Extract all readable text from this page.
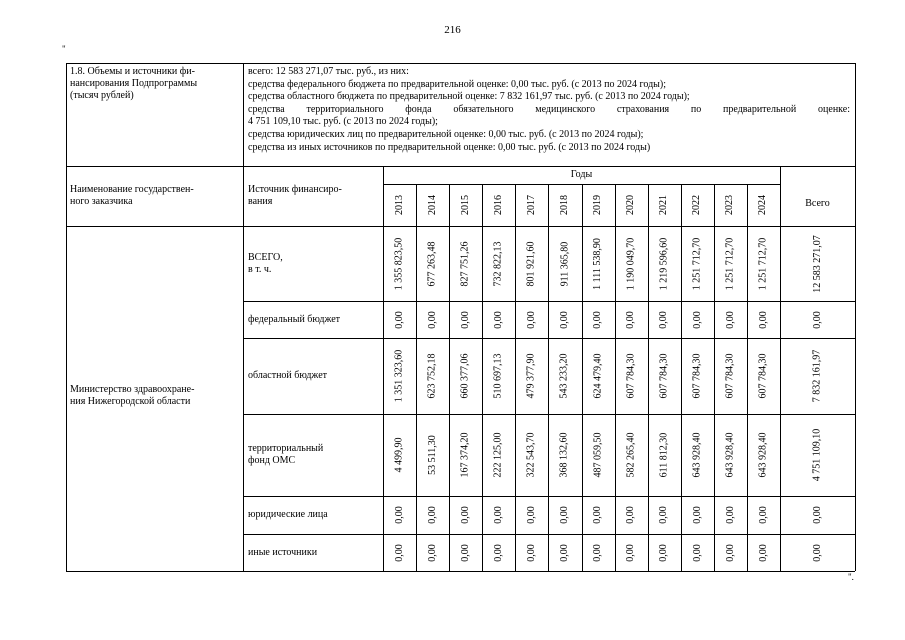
216
"
".
1.8. Объемы и источники фи-
нансирования Подпрограммы
(тысяч рублей)
всего: 12 583 271,07 тыс. руб., из них:
средства федерального бюджета по предварительной оценке: 0,00 тыс. руб. (с 2013 по 2024 годы);
средства областного бюджета по предварительной оценке: 7 832 161,97 тыс. руб. (с 2013 по 2024 годы);
средства территориального фонда обязательного медицинского страхования по предварительной оценке:
4 751 109,10 тыс. руб. (с 2013 по 2024 годы);
средства юридических лиц по предварительной оценке: 0,00 тыс. руб. (с 2013 по 2024 годы);
средства из иных источников по предварительной оценке: 0,00 тыс. руб. (с 2013 по 2024 годы)
Наименование государствен-
ного заказчика
Источник финансиро-
вания
Годы
2013 2014 2015 2016 2017 2018 2019 2020 2021 2022 2023 2024	Всего
Министерство здравоохране-
ния Нижегородской области
ВСЕГО,
в т. ч.	1 355 823,50 677 263,48 827 751,26 732 822,13 801 921,60 911 365,80 1 111 538,90 1 190 049,70 1 219 596,60 1 251 712,70 1 251 712,70 1 251 712,70	12 583 271,07
федеральный бюджет	0,00 0,00 0,00 0,00 0,00 0,00 0,00 0,00 0,00 0,00 0,00 0,00	0,00
областной бюджет	1 351 323,60 623 752,18 660 377,06 510 697,13 479 377,90 543 233,20 624 479,40 607 784,30 607 784,30 607 784,30 607 784,30 607 784,30	7 832 161,97
территориальный
фонд ОМС	4 499,90 53 511,30 167 374,20 222 125,00 322 543,70 368 132,60 487 059,50 582 265,40 611 812,30 643 928,40 643 928,40 643 928,40	4 751 109,10
юридические лица	0,00 0,00 0,00 0,00 0,00 0,00 0,00 0,00 0,00 0,00 0,00 0,00	0,00
иные источники	0,00 0,00 0,00 0,00 0,00 0,00 0,00 0,00 0,00 0,00 0,00 0,00	0,00
